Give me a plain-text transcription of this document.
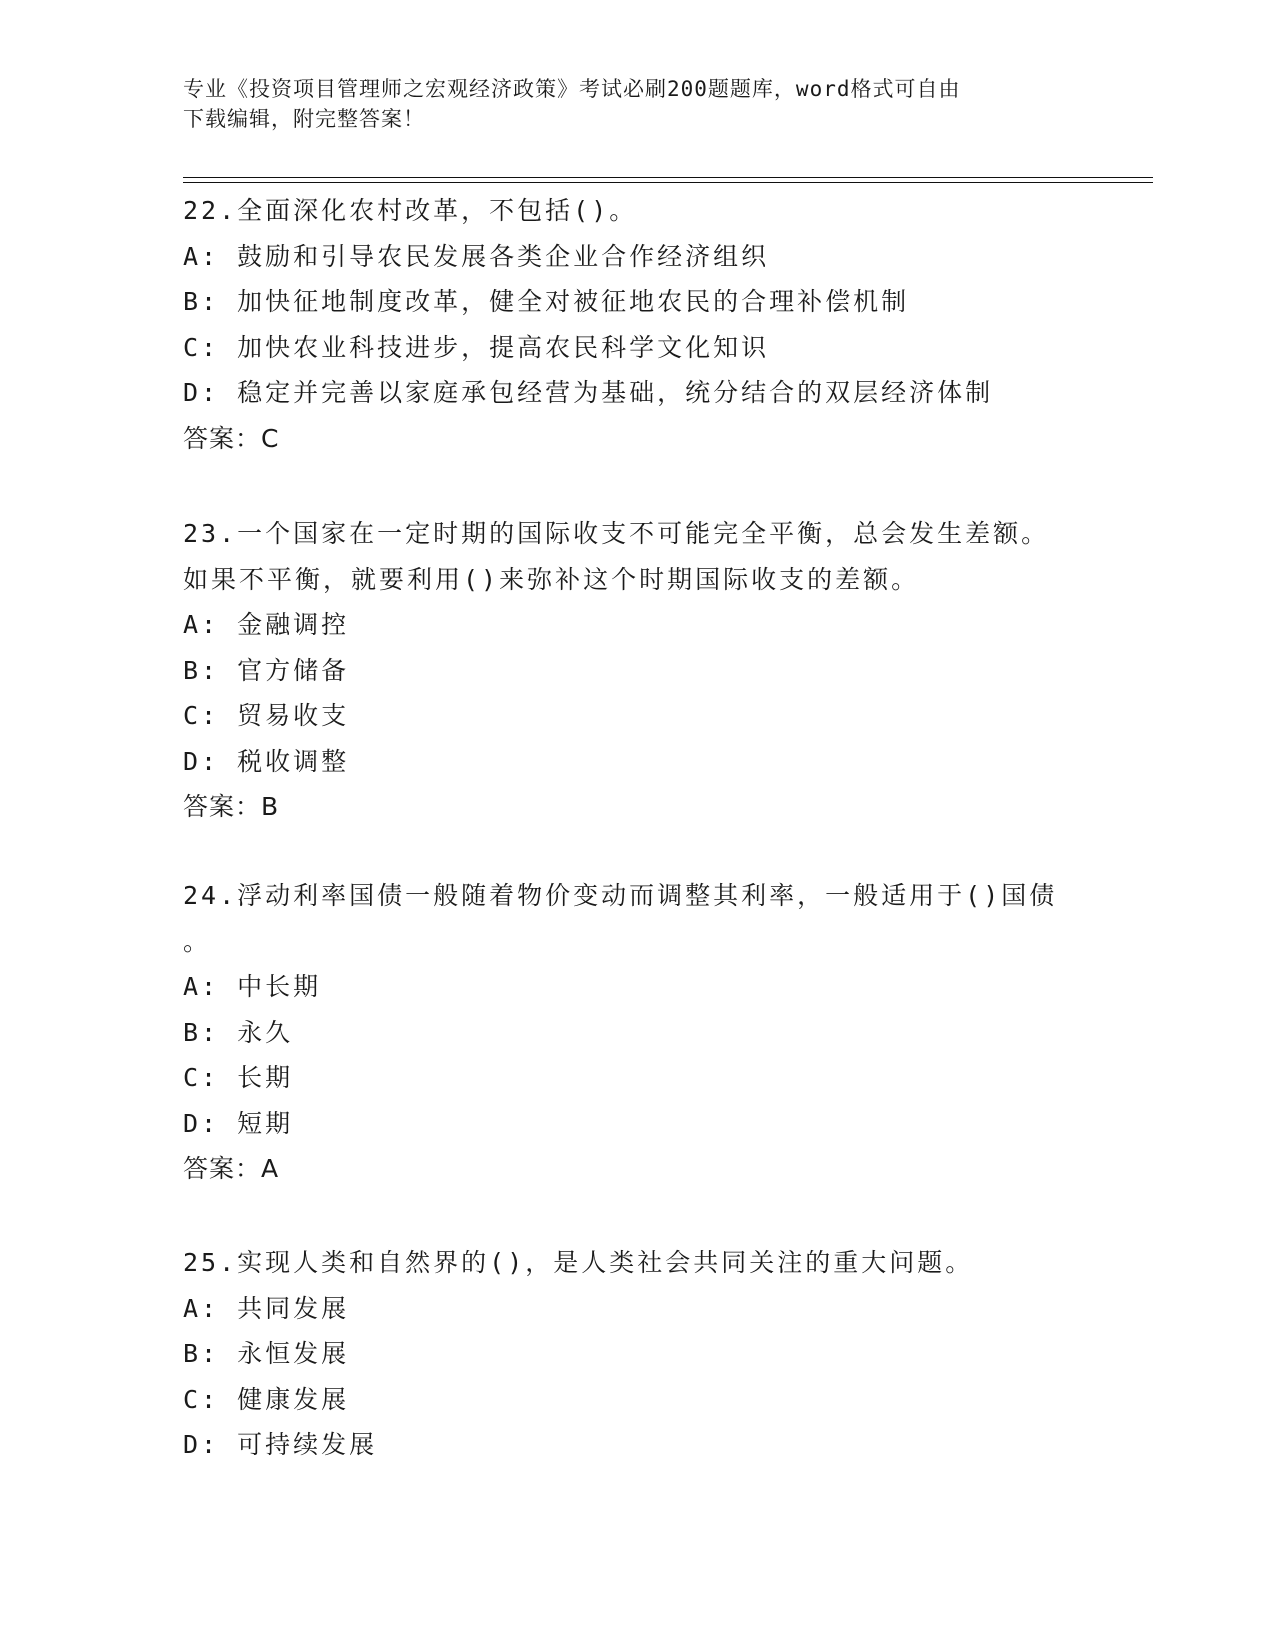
专业《投资项目管理师之宏观经济政策》考试必刷200题题库，word格式可自由
下载编辑，附完整答案！
22.全面深化农村改革，不包括()。
A: 鼓励和引导农民发展各类企业合作经济组织
B: 加快征地制度改革，健全对被征地农民的合理补偿机制
C: 加快农业科技进步，提高农民科学文化知识
D: 稳定并完善以家庭承包经营为基础，统分结合的双层经济体制
答案：C
23.一个国家在一定时期的国际收支不可能完全平衡，总会发生差额。
如果不平衡，就要利用()来弥补这个时期国际收支的差额。
A: 金融调控
B: 官方储备
C: 贸易收支
D: 税收调整
答案：B
24.浮动利率国债一般随着物价变动而调整其利率，一般适用于()国债
。
A: 中长期
B: 永久
C: 长期
D: 短期
答案：A
25.实现人类和自然界的()，是人类社会共同关注的重大问题。
A: 共同发展
B: 永恒发展
C: 健康发展
D: 可持续发展
